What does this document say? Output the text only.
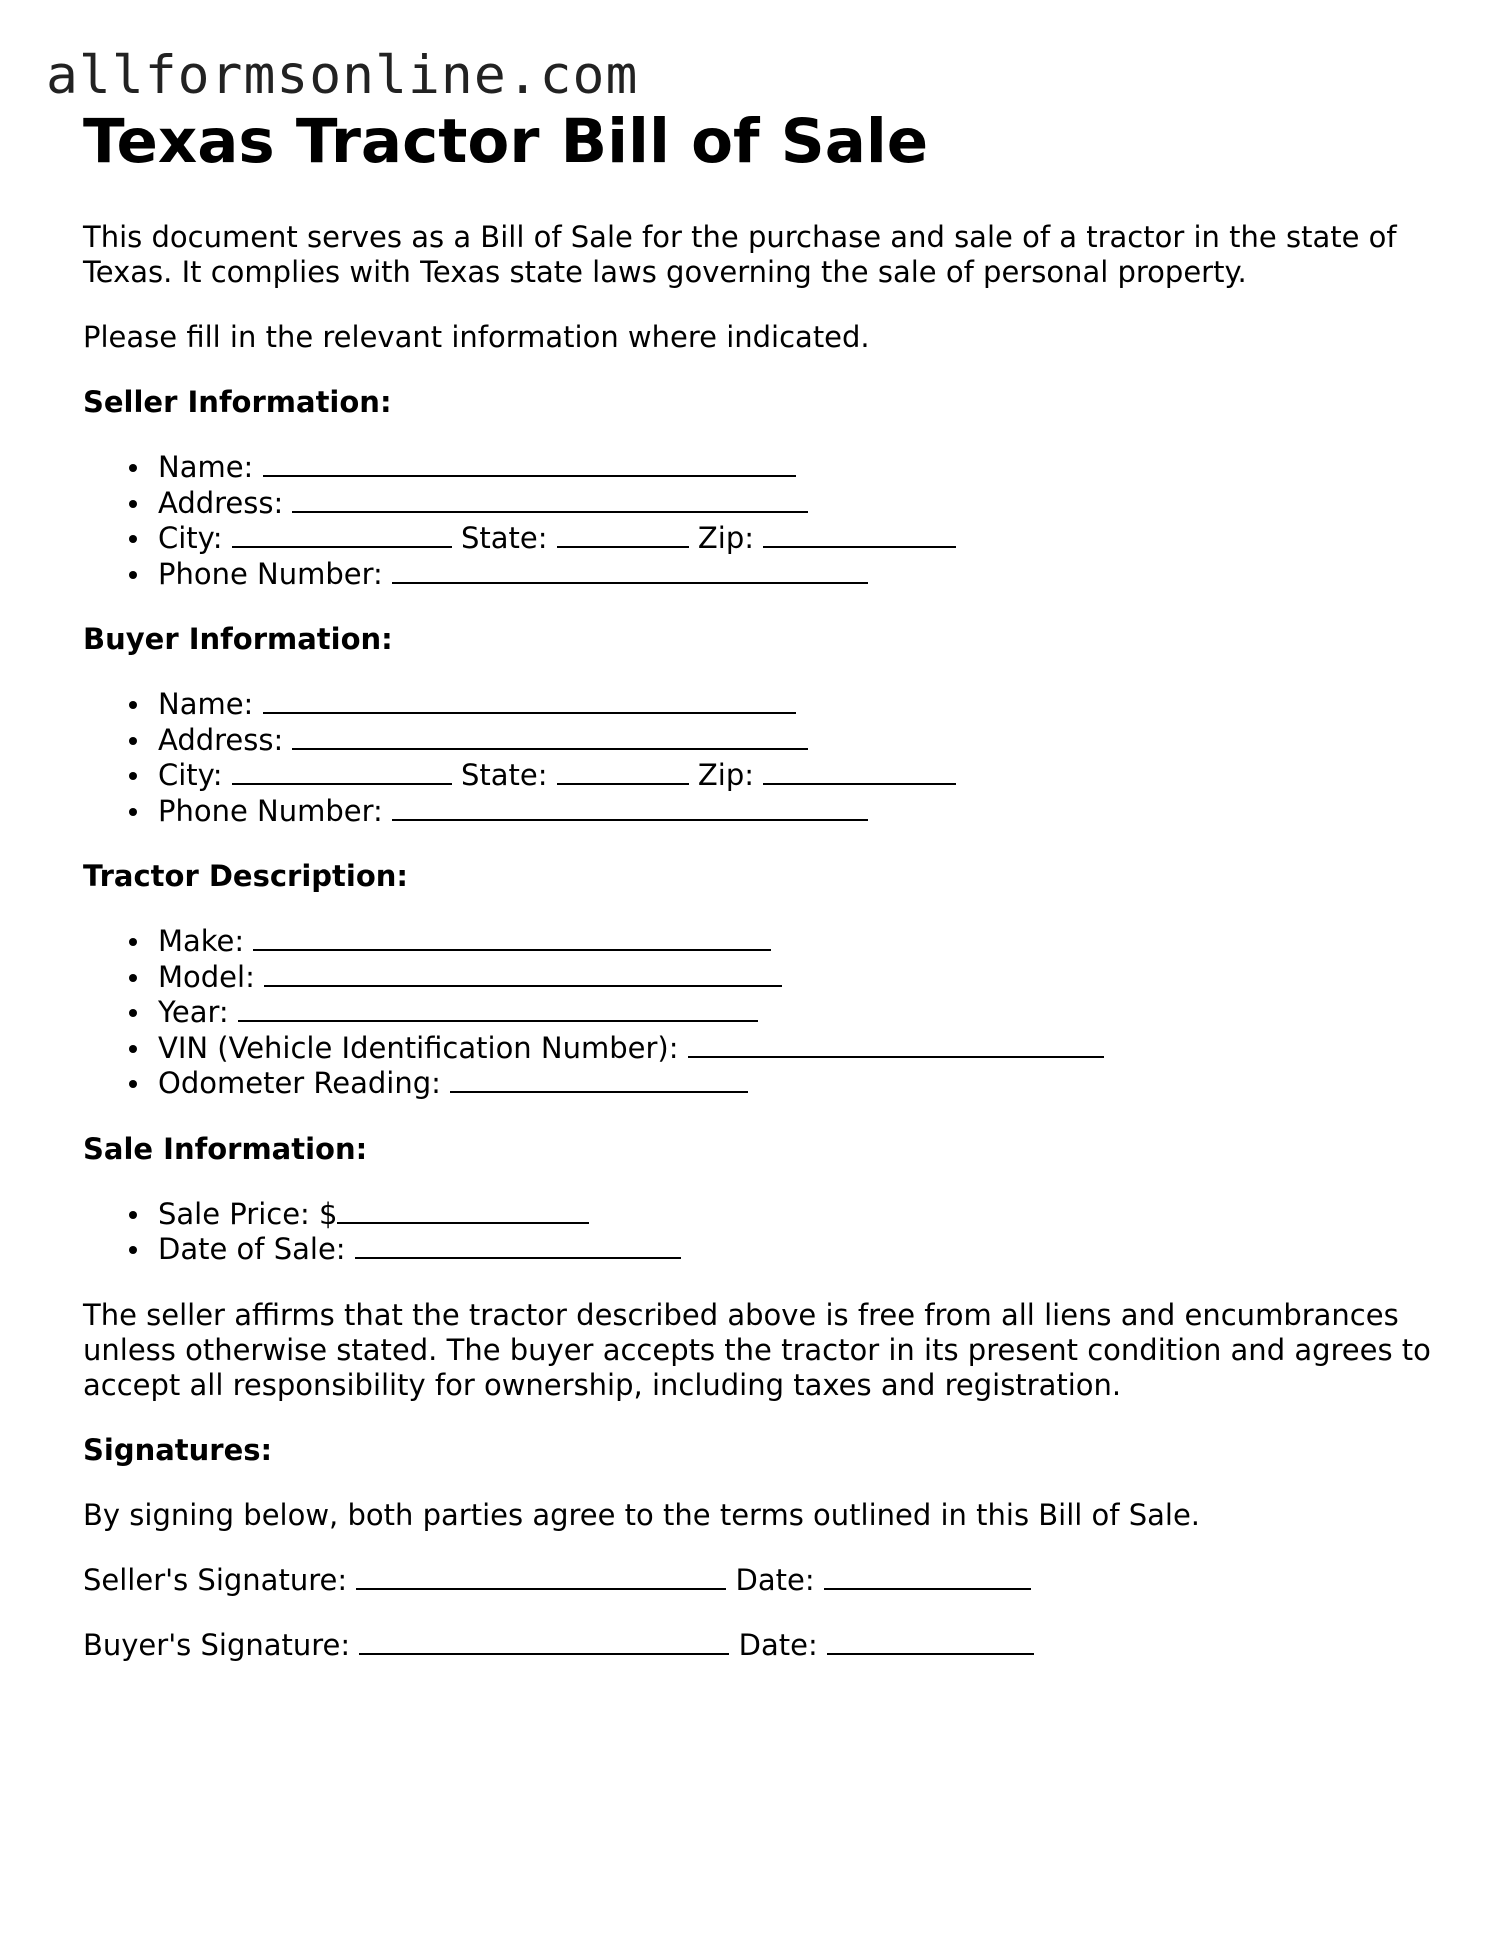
allformsonline.com
Texas Tractor Bill of Sale

This document serves as a Bill of Sale for the purchase and sale of a tractor in the state of Texas. It complies with Texas state laws governing the sale of personal property.

Please fill in the relevant information where indicated.

Seller Information:
Name:
Address:
City:	State:	Zip:
Phone Number:
Buyer Information:
Name:
Address:
City:	State:	Zip:
Phone Number:
Tractor Description:
Make:
Model:
Year:
VIN (Vehicle Identification Number):
Odometer Reading:
Sale Information:
Sale Price: $
Date of Sale:

The seller affirms that the tractor described above is free from all liens and encumbrances unless otherwise stated. The buyer accepts the tractor in its present condition and agrees to accept all responsibility for ownership, including taxes and registration.

Signatures:

By signing below, both parties agree to the terms outlined in this Bill of Sale.

Seller's Signature:	Date:
Buyer's Signature:	Date:
